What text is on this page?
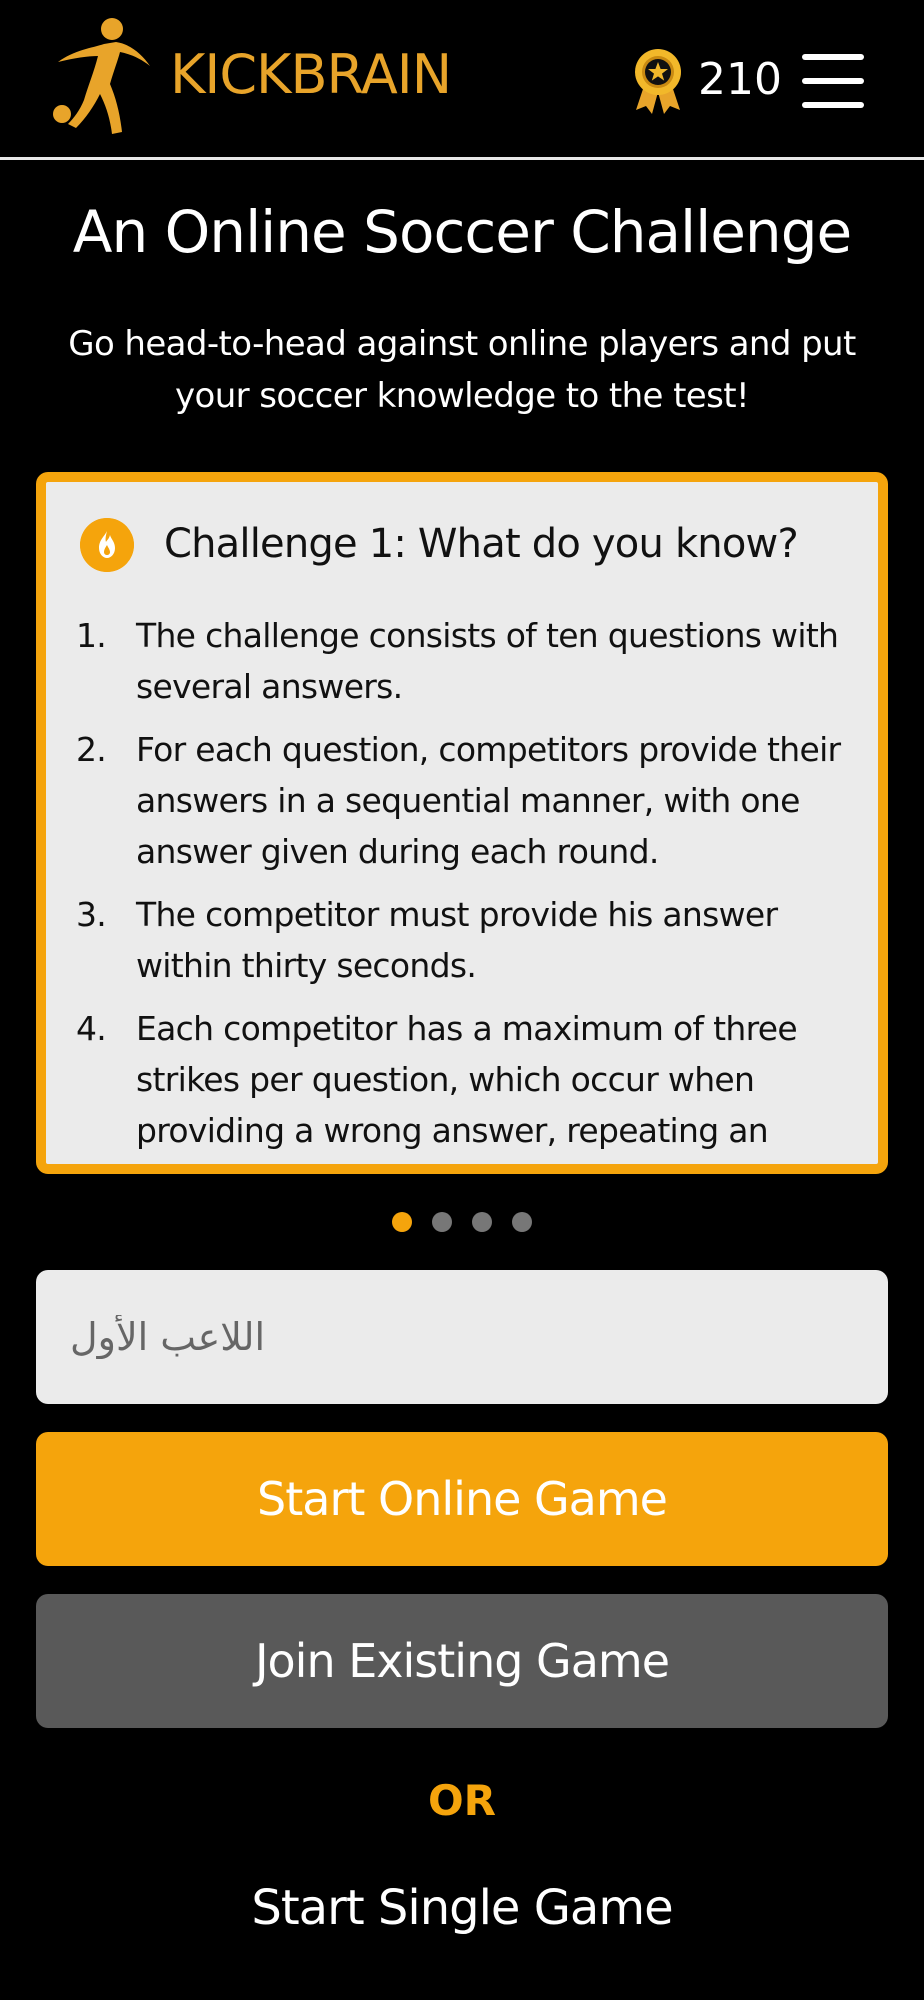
KICKBRAIN	210
An Online Soccer Challenge
Go head-to-head against online players and put your soccer knowledge to the test!
Challenge 1: What do you know?
1. The challenge consists of ten questions with several answers.
2. For each question, competitors provide their answers in a sequential manner, with one answer given during each round.
3. The competitor must provide his answer within thirty seconds.
4. Each competitor has a maximum of three strikes per question, which occur when providing a wrong answer, repeating an
اللاعب الأول
Start Online Game
Join Existing Game
OR
Start Single Game
